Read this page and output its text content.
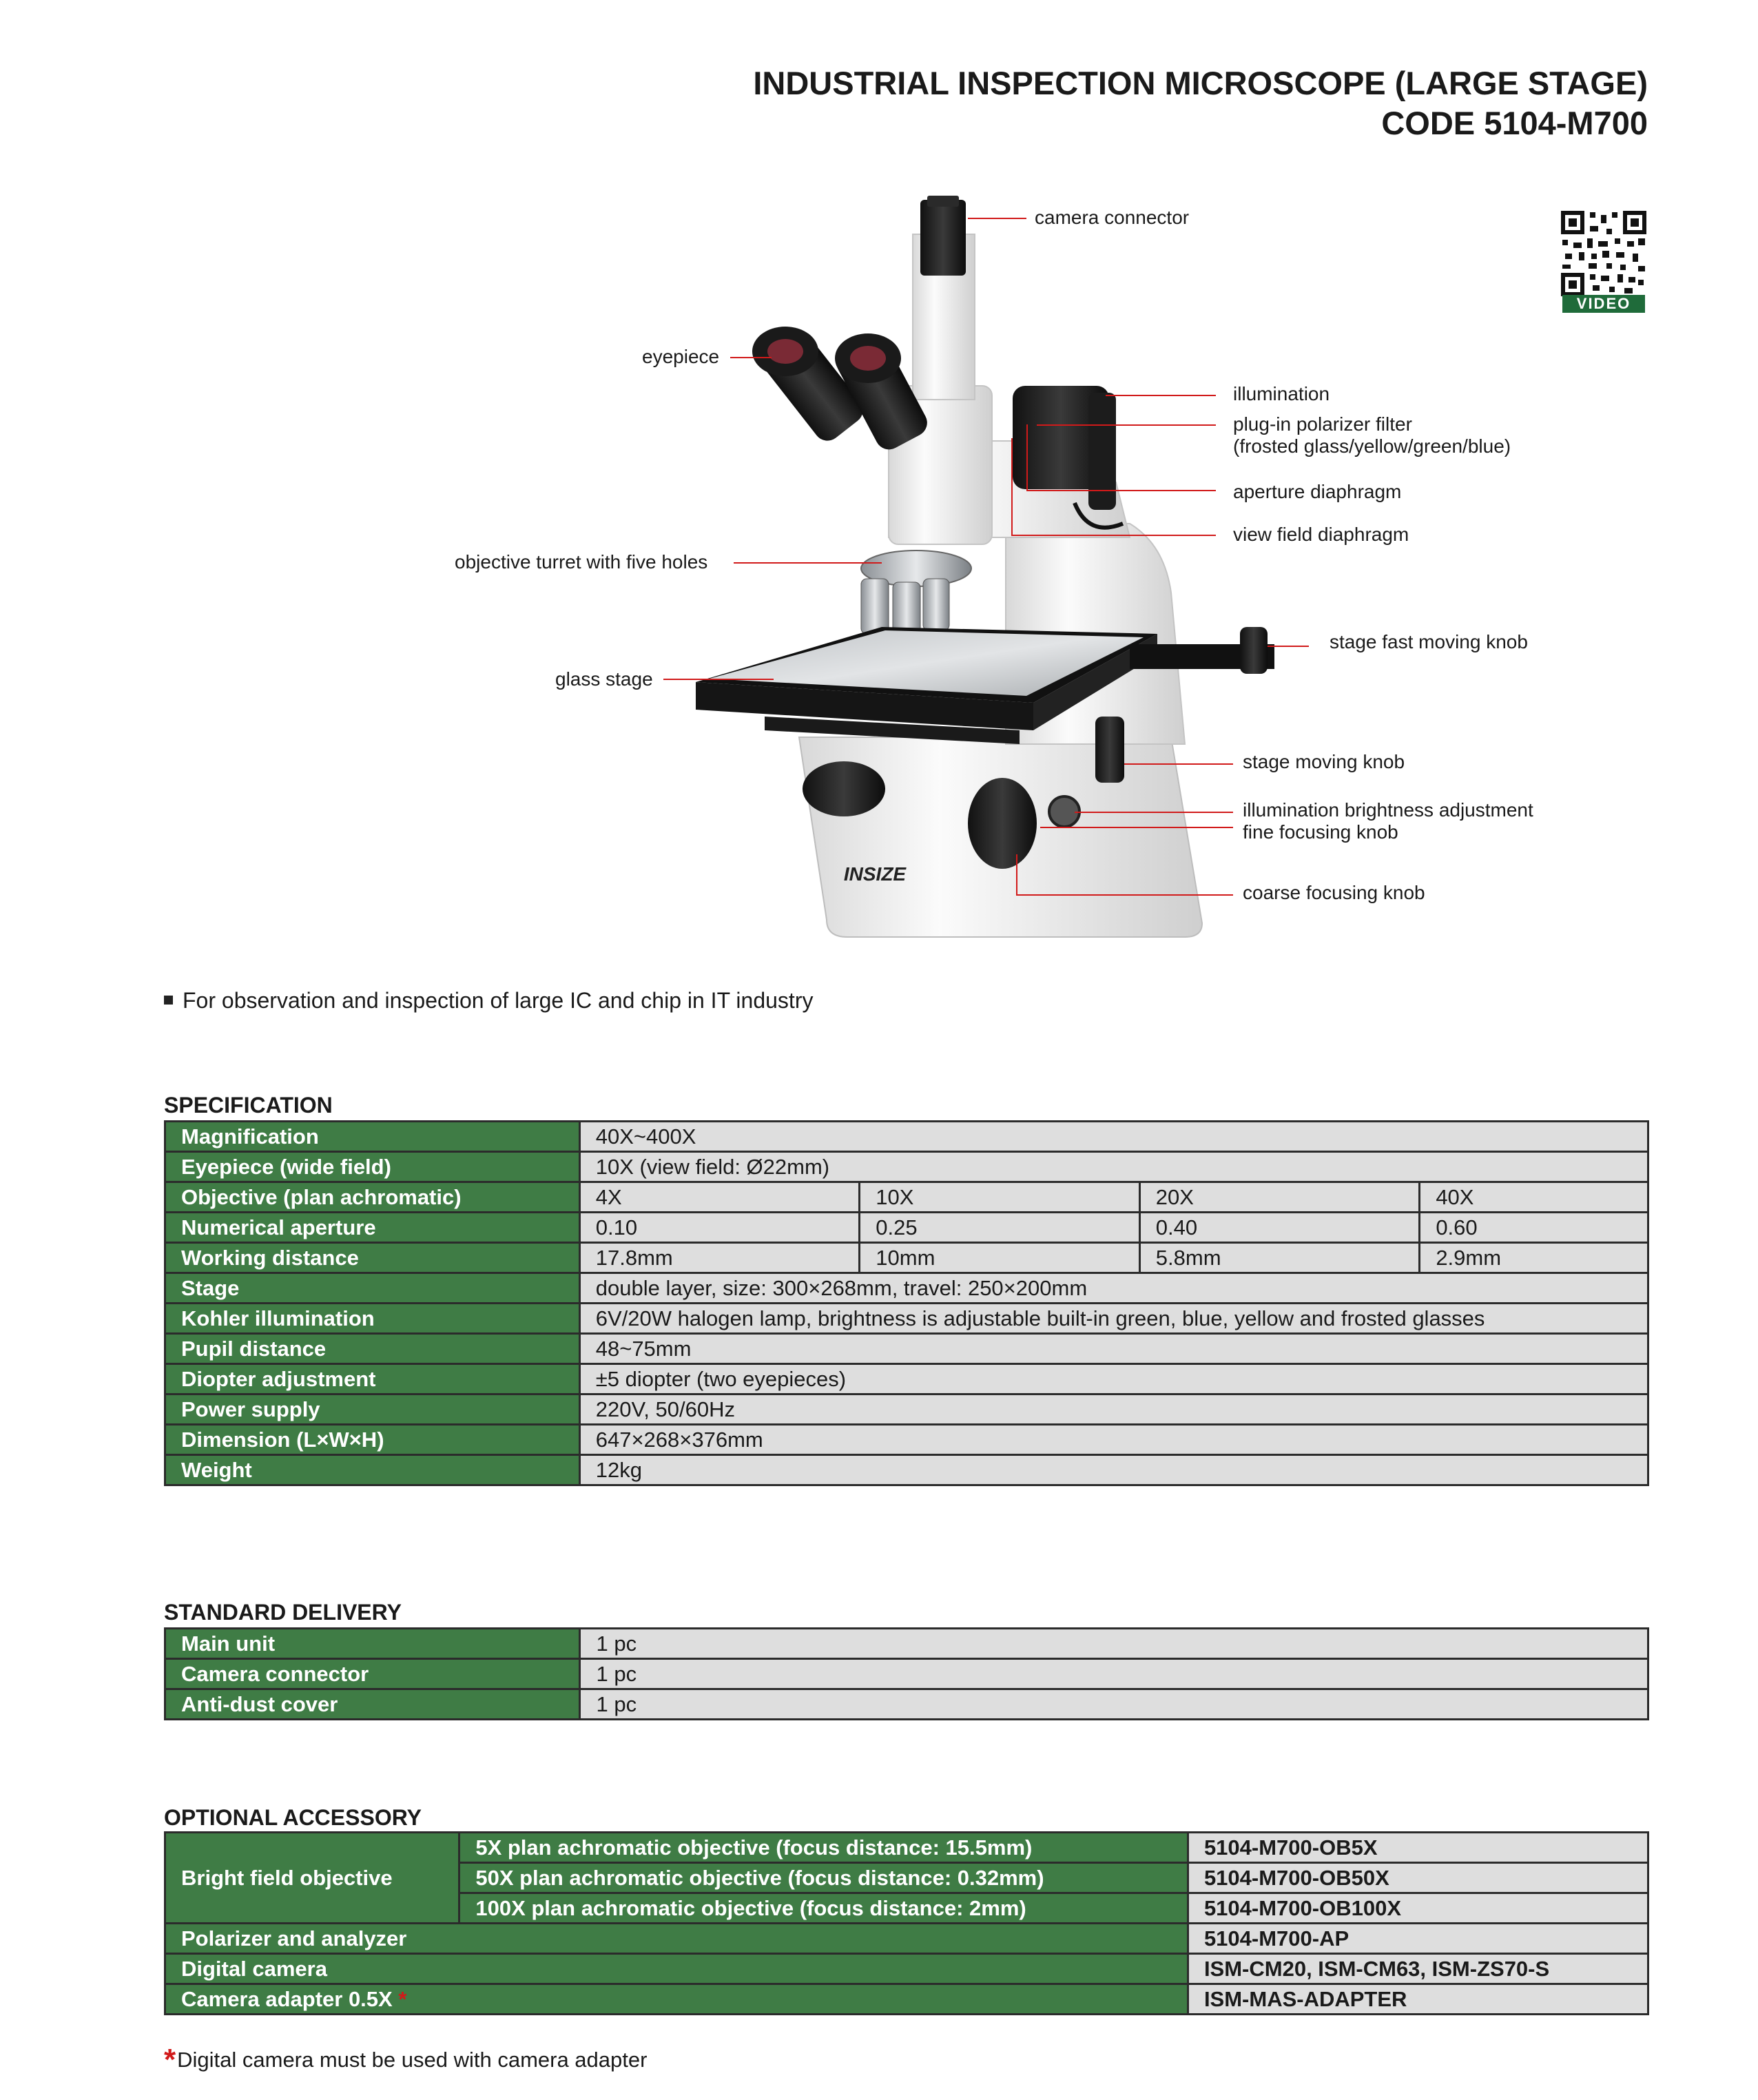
INDUSTRIAL INSPECTION MICROSCOPE (LARGE STAGE)
CODE 5104-M700
INSIZE
camera connector
eyepiece
illumination
plug-in polarizer filter
(frosted glass/yellow/green/blue)
aperture diaphragm
view field diaphragm
objective turret with five holes
glass stage
stage fast moving knob
stage moving knob
illumination brightness adjustment
fine focusing knob
coarse focusing knob
VIDEO
For observation and inspection of large IC and chip in IT industry
SPECIFICATION
Magnification	40X~400X			
Eyepiece (wide field)	10X (view field: Ø22mm)			
Objective (plan achromatic)	4X	10X	20X	40X
Numerical aperture	0.10	0.25	0.40	0.60
Working distance	17.8mm	10mm	5.8mm	2.9mm
Stage	double layer, size: 300×268mm, travel: 250×200mm			
Kohler illumination	6V/20W halogen lamp, brightness is adjustable built-in green, blue, yellow and frosted glasses			
Pupil distance	48~75mm			
Diopter adjustment	±5 diopter (two eyepieces)			
Power supply	220V, 50/60Hz			
Dimension (L×W×H)	647×268×376mm			
Weight	12kg			
STANDARD DELIVERY
Main unit	1 pc
Camera connector	1 pc
Anti-dust cover	1 pc
OPTIONAL ACCESSORY
Bright field objective	5X plan achromatic objective (focus distance: 15.5mm)	5104-M700-OB5X
	50X plan achromatic objective (focus distance: 0.32mm)	5104-M700-OB50X
	100X plan achromatic objective (focus distance: 2mm)	5104-M700-OB100X
Polarizer and analyzer		5104-M700-AP
Digital camera		ISM-CM20, ISM-CM63, ISM-ZS70-S
Camera adapter 0.5X *		ISM-MAS-ADAPTER
*Digital camera must be used with camera adapter
